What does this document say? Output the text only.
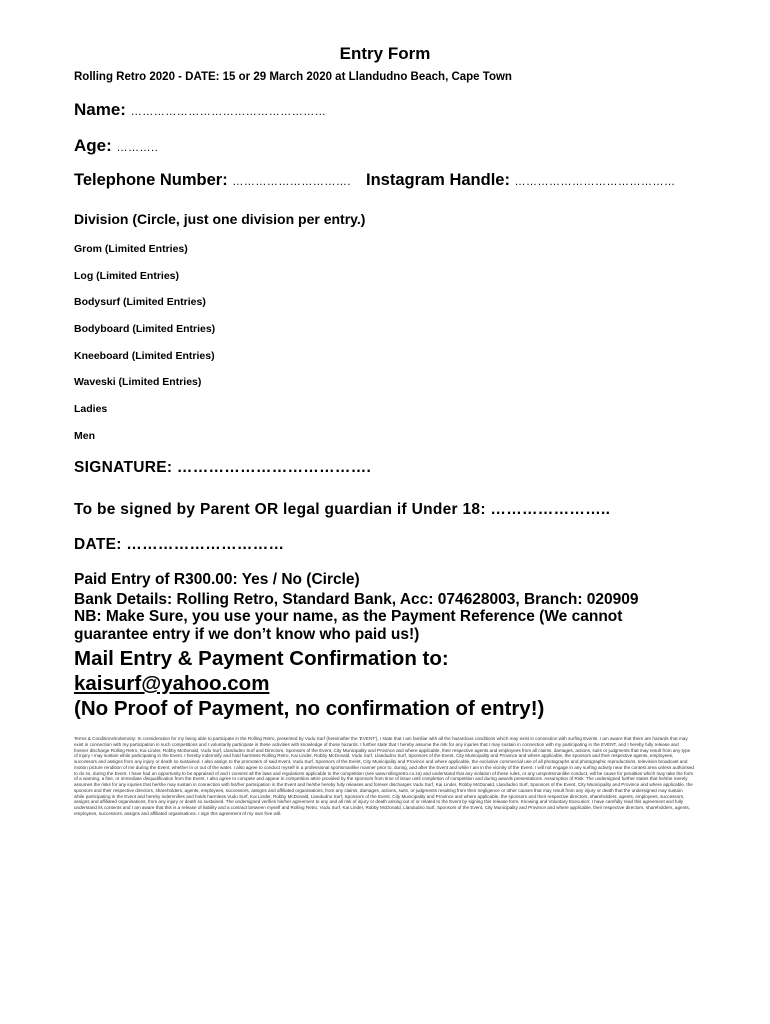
Entry Form
Rolling Retro 2020 - DATE: 15 or 29 March 2020 at Llandudno Beach, Cape Town
Name: ……………………………………………
Age: ………..
Telephone Number: …………………………. Instagram Handle: ……………………………………
Division (Circle, just one division per entry.)
Grom (Limited Entries)
Log (Limited Entries)
Bodysurf (Limited Entries)
Bodyboard (Limited Entries)
Kneeboard (Limited Entries)
Waveski (Limited Entries)
Ladies
Men
SIGNATURE: ……………………………….
To be signed by Parent OR legal guardian if Under 18: …………………..
DATE: …………………………
Paid Entry of R300.00: Yes / No (Circle)
Bank Details: Rolling Retro, Standard Bank, Acc: 074628003, Branch: 020909
NB: Make Sure, you use your name, as the Payment Reference (We cannot
guarantee entry if we don’t know who paid us!)
Mail Entry & Payment Confirmation to:
kaisurf@yahoo.com
(No Proof of Payment, no confirmation of entry!)
Terms & Conditions/Indemnity: In consideration for my being able to participate in the Rolling Retro, presented by Vudu Surf (hereinafter the 'EVENT'), I state that I am familiar with all the hazardous conditions which may exist in connection with surfing Events. I am aware that there are hazards that may exist in connection with my participation in such competitions and I voluntarily participate in these activities with knowledge of those hazards. I further state that I hereby assume the risk for any injuries that I may sustain in connection with my participating in the EVENT, and I hereby fully release and forever discharge Rolling Retro, Kai Linder, Robby McDonald, Vudu Surf, Llandudno Surf and Directors, Sponsors of the Event, City Municipality and Province and where applicable, their respective agents and employees from all claims, damages, actions, suits or judgments that may result from any type of injury I may sustain while participating in the Event. I hereby indemnify and hold harmless Rolling Retro, Kai Linder, Robby McDonald, Vudu Surf, Llandudno Surf, Sponsors of the Event, City Municipality and Province and where applicable, the sponsors and their respective agents, employees, successors and assigns from any injury or death so sustained. I also assign to the promoters of said Event, Vudu Surf, Sponsors of the Event, City Municipality and Province and where applicable, the exclusive commercial use of all photographs and photographic reproductions, television broadcast and motion picture rendition of me during the Event, whether in or out of the water. I also agree to conduct myself in a professional sportsmanlike manner prior to, during, and after the Event and while I am in the vicinity of the Event. I will not engage in any surfing activity near the contest area unless authorised to do so, during the Event. I have had an opportunity to be appraised of and I consent all the laws and regulations applicable to the competition (see www.rollingretro.co.za) and understand that any violation of these rules, or any unsportsmanlike conduct, will be cause for penalties which may take the form of a warning, a fine, or immediate disqualification from the Event. I also agree to compete and appear in competition attire provided by the sponsors from time of issue until completion of competition and during awards presentations. Assumption of Risk: The undersigned further states that he/she merely assumes the risks for any injuries that he/she may sustain in connection with his/her participation in the Event and he/she hereby fully releases and forever discharges Vudu Surf, Kai Linder, Robby McDonald, Llandudno Surf, Sponsors of the Event, City Municipality and Province and where applicable, the sponsors and their respective directors, shareholders, agents, employees, successors, assigns and affiliated organisations, from any claims, damages, actions, suits, or judgments resulting from their negligence or other causes that may result from any injury or death that the undersigned may sustain while participating in the Event and hereby indemnifies and holds harmless Vudu Surf, Kai Linder, Robby McDonald, Llandudno Surf, Sponsors of the Event, City Municipality and Province and where applicable, the sponsors and their respective directors, shareholders, agents, employees, successors, assigns and affiliated organisations, from any injury or death so sustained. The undersigned verifies his/her agreement to any and all risk of injury or death arising out of or related to the Event by signing this release form. Knowing and Voluntary Execution: I have carefully read this agreement and fully understand its contents and I am aware that this is a release of liability and a contract between myself and Rolling Retro, Vudu Surf, Kai Linder, Robby McDonald, Llandudno Surf, Sponsors of the Event, City Municipality and Province and where applicable, their respective directors, shareholders, agents, employees, successors, assigns and affiliated organisations. I sign this agreement of my own free will.
